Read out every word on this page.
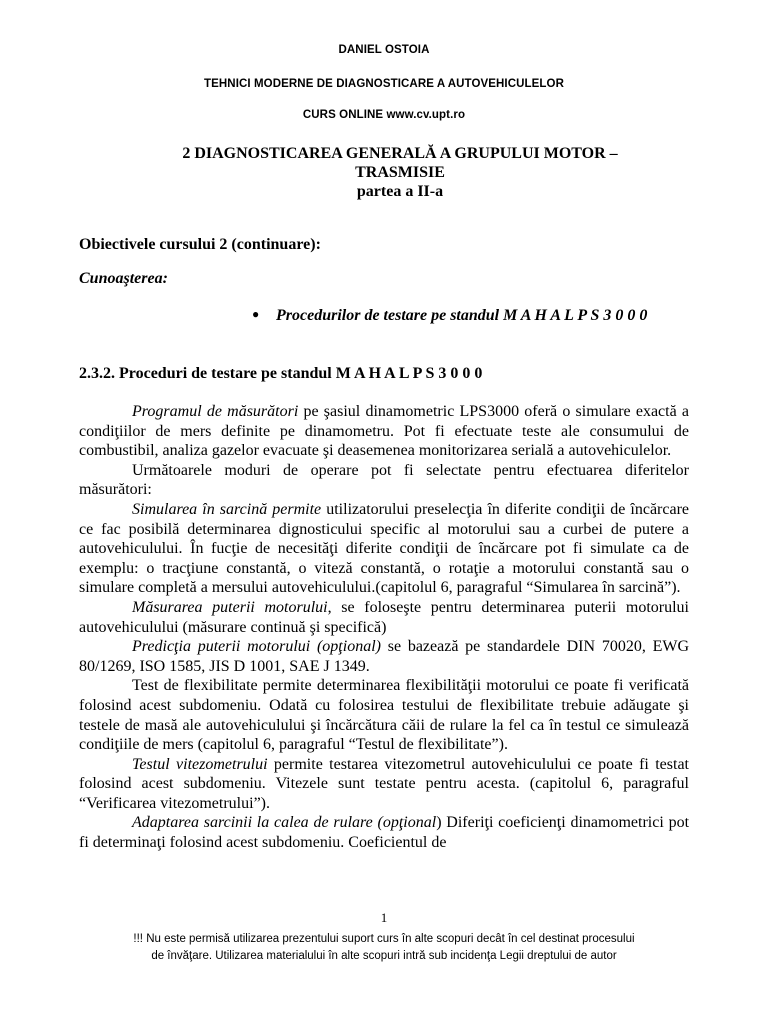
DANIEL OSTOIA
TEHNICI MODERNE DE DIAGNOSTICARE A AUTOVEHICULELOR
CURS ONLINE www.cv.upt.ro
2 DIAGNOSTICAREA GENERALĂ A GRUPULUI MOTOR –
TRASMISIE
partea a II-a
Obiectivele cursului 2 (continuare):
Cunoaşterea:
● Procedurilor de testare pe standul M A H A L P S 3 0 0 0
2.3.2. Proceduri de testare pe standul M A H A L P S 3 0 0 0

Programul de măsurători pe şasiul dinamometric LPS3000 oferă o simulare exactă a condiţiilor de mers definite pe dinamometru. Pot fi efectuate teste ale consumului de combustibil, analiza gazelor evacuate şi deasemenea monitorizarea serială a autovehiculelor.

Următoarele moduri de operare pot fi selectate pentru efectuarea diferitelor măsurători:

Simularea în sarcină permite utilizatorului preselecţia în diferite condiţii de încărcare ce fac posibilă determinarea dignosticului specific al motorului sau a curbei de putere a autovehiculului. În fucţie de necesităţi diferite condiţii de încărcare pot fi simulate ca de exemplu: o tracţiune constantă, o viteză constantă, o rotaţie a motorului constantă sau o simulare completă a mersului autovehiculului.(capitolul 6, paragraful “Simularea în sarcină”).

Măsurarea puterii motorului, se foloseşte pentru determinarea puterii motorului autovehiculului (măsurare continuă şi specifică)

Predicţia puterii motorului (opţional) se bazează pe standardele DIN 70020, EWG 80/1269, ISO 1585, JIS D 1001, SAE J 1349.

Test de flexibilitate permite determinarea flexibilităţii motorului ce poate fi verificată folosind acest subdomeniu. Odată cu folosirea testului de flexibilitate trebuie adăugate şi testele de masă ale autovehiculului şi încărcătura căii de rulare la fel ca în testul ce simulează condiţiile de mers (capitolul 6, paragraful “Testul de flexibilitate”).

Testul vitezometrului permite testarea vitezometrul autovehiculului ce poate fi testat folosind acest subdomeniu. Vitezele sunt testate pentru acesta. (capitolul 6, paragraful “Verificarea vitezometrului”).

Adaptarea sarcinii la calea de rulare (opţional) Diferiţi coeficienţi dinamometrici pot fi determinaţi folosind acest subdomeniu. Coeficientul de

1
!!! Nu este permisă utilizarea prezentului suport curs în alte scopuri decât în cel destinat procesului
de învăţare. Utilizarea materialului în alte scopuri intră sub incidenţa Legii dreptului de autor
